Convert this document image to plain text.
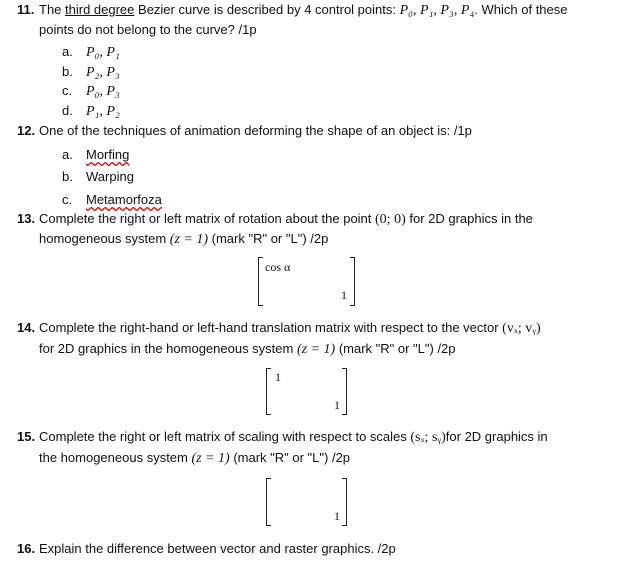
11. The third degree Bezier curve is described by 4 control points: P₀, P₁, P₃, P₄. Which of these
points do not belong to the curve? /1p
a. P₀, P₁
b. P₂, P₃
c. P₀, P₃
d. P₁, P₂
12. One of the techniques of animation deforming the shape of an object is: /1p
a. Morfing
b. Warping
c. Metamorfoza
13. Complete the right or left matrix of rotation about the point (0; 0) for 2D graphics in the
homogeneous system (z = 1) (mark "R" or "L") /2p
cos α
1
14. Complete the right-hand or left-hand translation matrix with respect to the vector (vₓ; vᵧ)
for 2D graphics in the homogeneous system (z = 1) (mark "R" or "L") /2p
1
1
15. Complete the right or left matrix of scaling with respect to scales (sₓ; sᵧ)for 2D graphics in
the homogeneous system (z = 1) (mark "R" or "L") /2p
1
16. Explain the difference between vector and raster graphics. /2p
